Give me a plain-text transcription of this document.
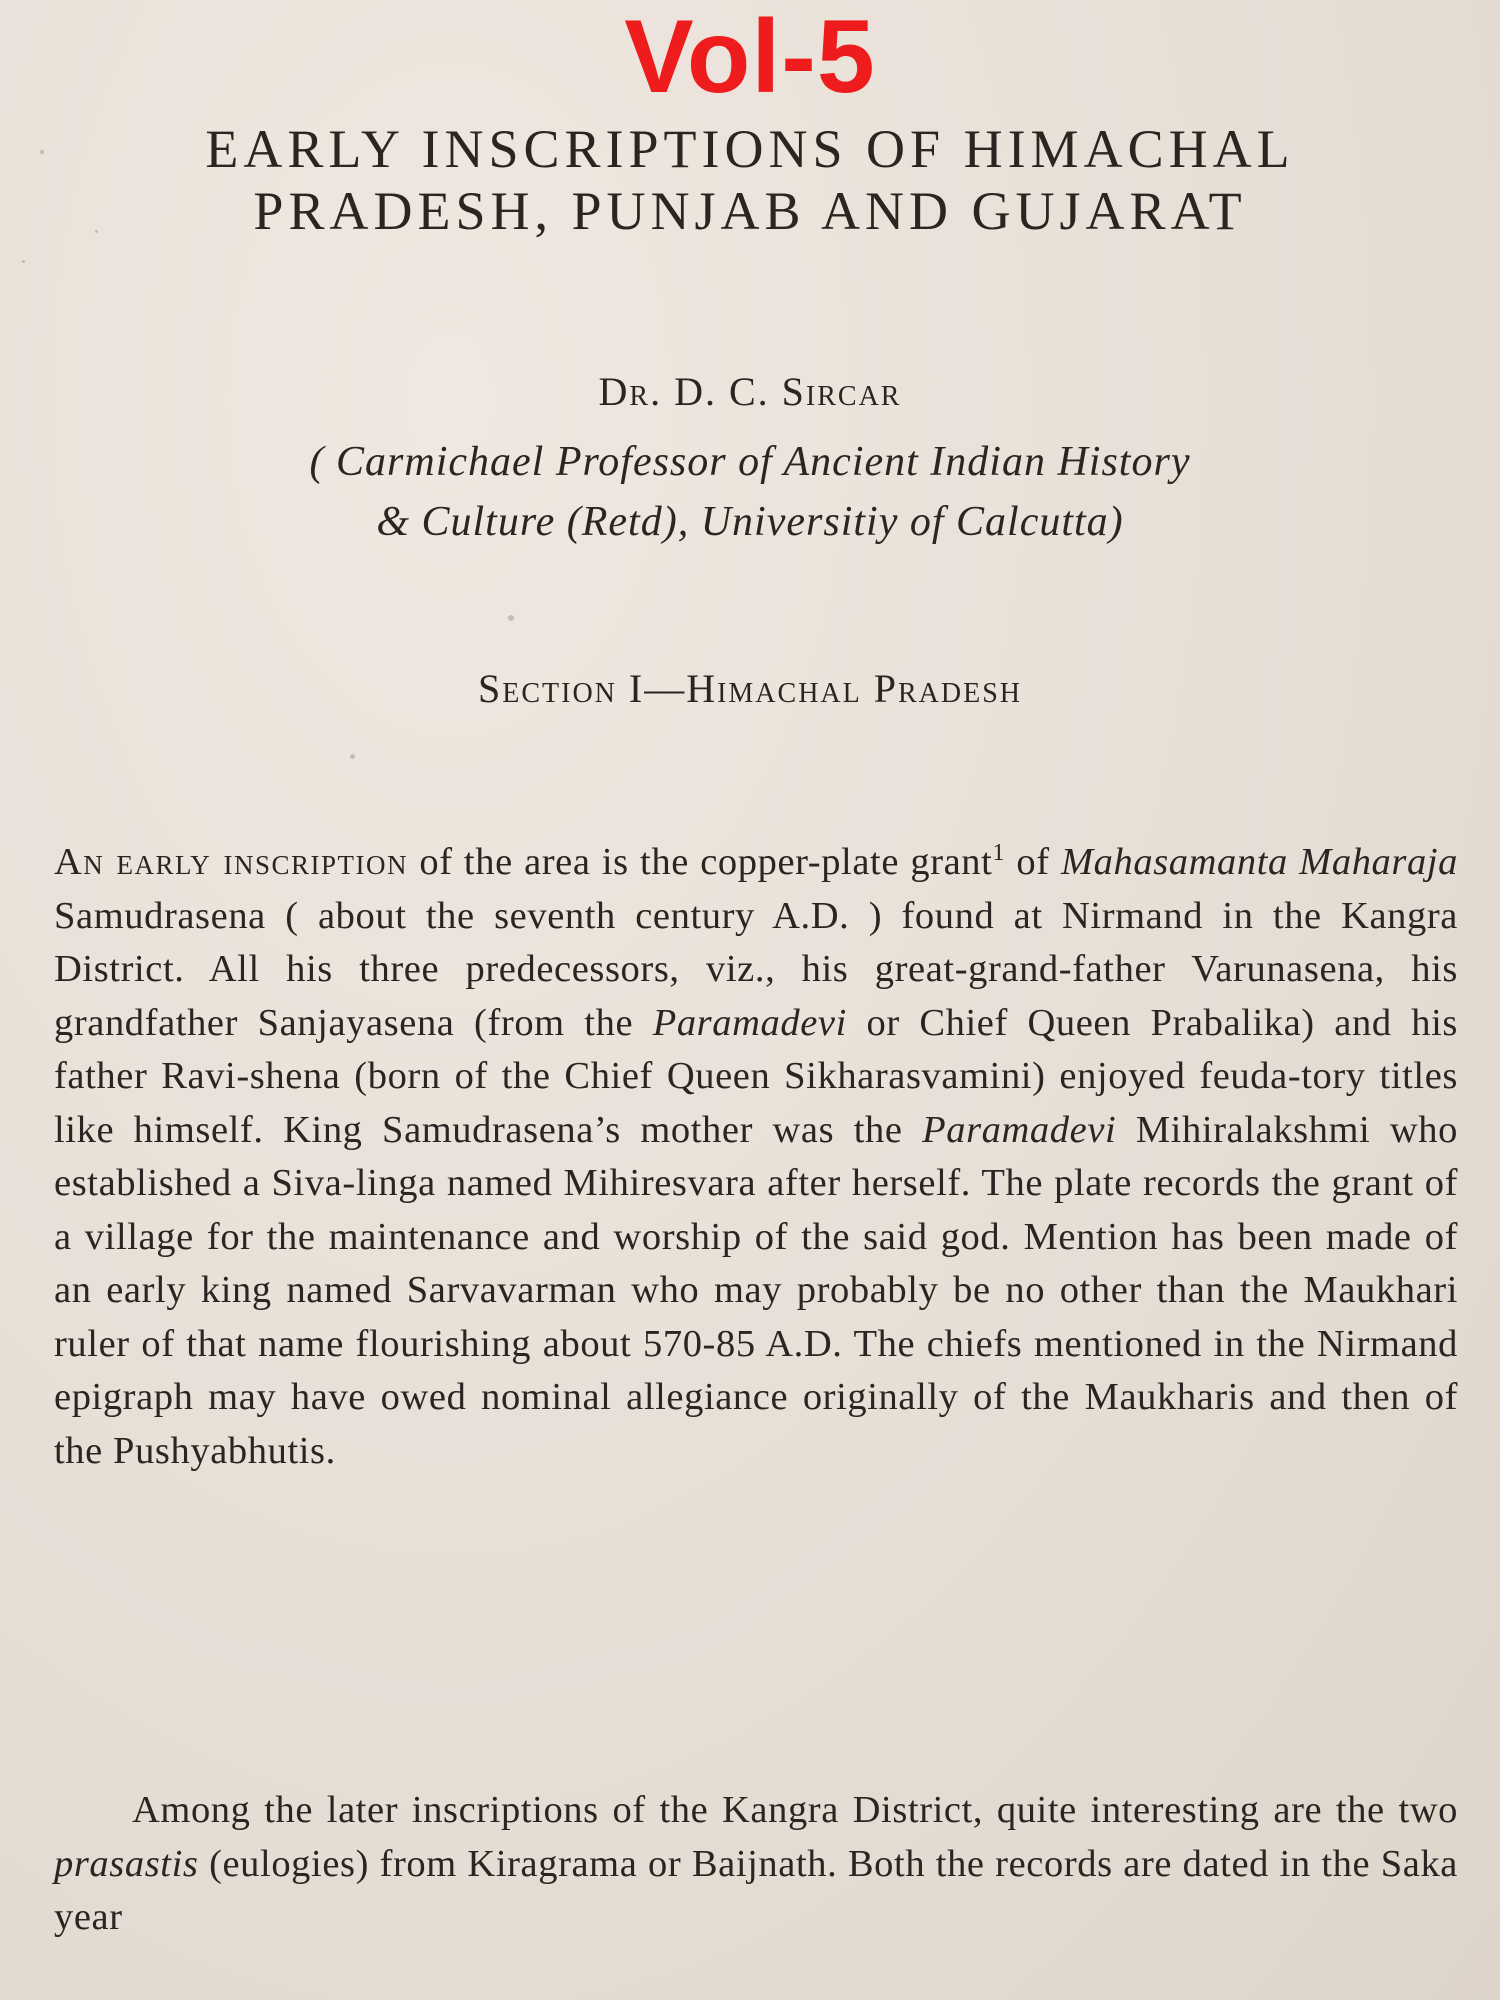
Vol-5
EARLY INSCRIPTIONS OF HIMACHAL
PRADESH, PUNJAB AND GUJARAT
Dr. D. C. Sircar
( Carmichael Professor of Ancient Indian History
& Culture (Retd), Universitiy of Calcutta)
Section I—Himachal Pradesh

An early inscription of the area is the copper-plate grant$^1$ of Mahasamanta Maharaja Samudrasena ( about the seventh century A.D. ) found at Nirmand in the Kangra District. All his three predecessors, viz., his great-grand-father Varunasena, his grandfather Sanjayasena (from the Paramadevi or Chief Queen Prabalika) and his father Ravi-shena (born of the Chief Queen Sikharasvamini) enjoyed feuda-tory titles like himself. King Samudrasena’s mother was the Paramadevi Mihiralakshmi who established a Siva-linga named Mihiresvara after herself. The plate records the grant of a village for the maintenance and worship of the said god. Mention has been made of an early king named Sarvavarman who may probably be no other than the Maukhari ruler of that name flourishing about 570-85 A.D. The chiefs mentioned in the Nirmand epigraph may have owed nominal allegiance originally of the Maukharis and then of the Pushyabhutis.

Among the later inscriptions of the Kangra District, quite interesting are the two prasastis (eulogies) from Kiragrama or Baijnath. Both the records are dated in the Saka year
